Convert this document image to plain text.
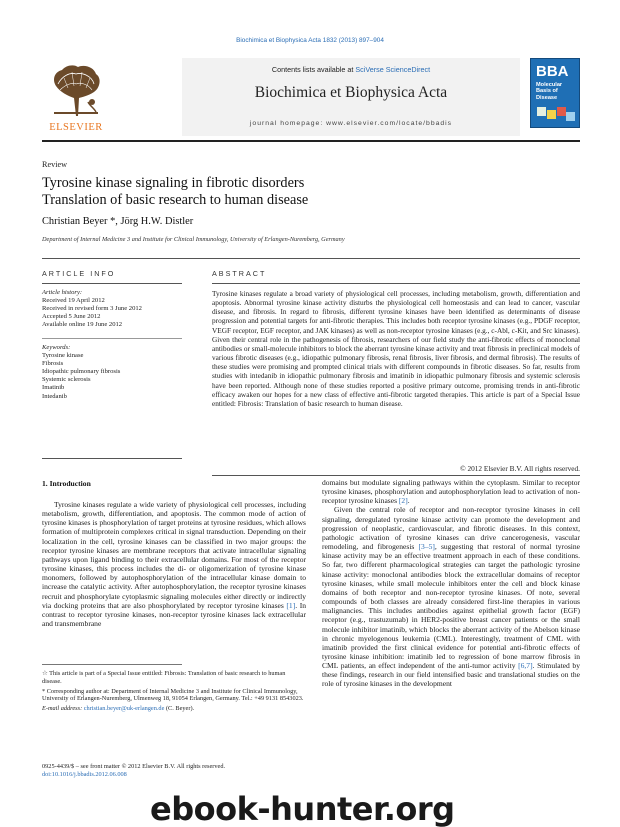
Biochimica et Biophysica Acta 1832 (2013) 897–904
ELSEVIER
Contents lists available at SciVerse ScienceDirect
Biochimica et Biophysica Acta
journal homepage: www.elsevier.com/locate/bbadis
BBA
Molecular
Basis of
Disease
Review
Tyrosine kinase signaling in fibrotic disorders
Translation of basic research to human disease
Christian Beyer *, Jörg H.W. Distler
Department of Internal Medicine 3 and Institute for Clinical Immunology, University of Erlangen-Nuremberg, Germany
ARTICLE INFO	ABSTRACT
Article history:
Received 19 April 2012
Received in revised form 3 June 2012
Accepted 5 June 2012
Available online 19 June 2012
Keywords:
Tyrosine kinase
Fibrosis
Idiopathic pulmonary fibrosis
Systemic sclerosis
Imatinib
Intedanib
Tyrosine kinases regulate a broad variety of physiological cell processes, including metabolism, growth, differentiation and apoptosis. Abnormal tyrosine kinase activity disturbs the physiological cell homeostasis and can lead to cancer, vascular disease, and fibrosis. In regard to fibrosis, different tyrosine kinases have been identified as determinants of disease progression and potential targets for anti-fibrotic therapies. This includes both receptor tyrosine kinases (e.g., PDGF receptor, VEGF receptor, EGF receptor, and JAK kinases) as well as non-receptor tyrosine kinases (e.g., c-Abl, c-Kit, and Src kinases). Given their central role in the pathogenesis of fibrosis, researchers of our field study the anti-fibrotic effects of monoclonal antibodies or small-molecule inhibitors to block the aberrant tyrosine kinase activity and treat fibrosis in preclinical models of various fibrotic diseases (e.g., idiopathic pulmonary fibrosis, renal fibrosis, liver fibrosis, and dermal fibrosis). The results of these studies were promising and prompted clinical trials with different compounds in fibrotic diseases. So far, results from studies with intedanib in idiopathic pulmonary fibrosis and imatinib in idiopathic pulmonary fibrosis and systemic sclerosis have been reported. Although none of these studies reported a positive primary outcome, promising trends in anti-fibrotic efficacy awaken our hopes for a new class of effective anti-fibrotic targeted therapies. This article is part of a Special Issue entitled: Fibrosis: Translation of basic research to human disease.
© 2012 Elsevier B.V. All rights reserved.
1. Introduction

Tyrosine kinases regulate a wide variety of physiological cell processes, including metabolism, growth, differentiation, and apoptosis. The common mode of action of tyrosine kinases is phosphorylation of target proteins at tyrosine residues, which allows formation of multiprotein complexes critical in signal transduction. Depending on their localization in the cell, tyrosine kinases can be classified in two major groups: the receptor tyrosine kinases are membrane receptors that activate intracellular signaling pathways upon ligand binding to their extracellular domains. For most of the receptor tyrosine kinases, this process includes the di- or oligomerization of tyrosine kinase monomers, followed by autophosphorylation of the intracellular kinase domain to increase the catalytic activity. After autophosphorylation, the receptor tyrosine kinases recruit and phosphorylate cytoplasmic signaling molecules either directly or indirectly via docking proteins that are also phosphorylated by receptor tyrosine kinases [1]. In contrast to receptor tyrosine kinases, non-receptor tyrosine kinases lack extracellular and transmembrane

domains but modulate signaling pathways within the cytoplasm. Similar to receptor tyrosine kinases, phosphorylation and autophosphorylation lead to activation of non-receptor tyrosine kinases [2].

Given the central role of receptor and non-receptor tyrosine kinases in cell signaling, deregulated tyrosine kinase activity can promote the development and progression of neoplastic, cardiovascular, and fibrotic diseases. In this context, pathologic activation of tyrosine kinases can drive cancerogenesis, vascular remodeling, and fibrogenesis [3–5], suggesting that restoral of normal tyrosine kinase activity may be an effective treatment approach in each of these conditions. So far, two different pharmacological strategies can target the pathologic tyrosine kinase activity: monoclonal antibodies block the extracellular domains of receptor tyrosine kinases, while small molecule inhibitors enter the cell and block kinase domains of both receptor and non-receptor tyrosine kinases. Of note, several compounds of both classes are already considered first-line therapies in various malignancies. This includes antibodies against epithelial growth factor (EGF) receptor (e.g., trastuzumab) in HER2-positive breast cancer patients or the small molecule inhibitor imatinib, which blocks the aberrant activity of the Abelson kinase in chronic myelogenous leukemia (CML). Interestingly, treatment of CML with imatinib provided the first clinical evidence for potential anti-fibrotic effects of tyrosine kinase inhibition: imatinib led to regression of bone marrow fibrosis in CML patients, an effect independent of the anti-tumor activity [6,7]. Stimulated by these findings, research in our field intensified basic and translational studies on the role of tyrosine kinases in the development

☆ This article is part of a Special Issue entitled: Fibrosis: Translation of basic research to human disease.

* Corresponding author at: Department of Internal Medicine 3 and Institute for Clinical Immunology, University of Erlangen-Nuremberg, Ulmenweg 18, 91054 Erlangen, Germany. Tel.: +49 9131 8543023.

E-mail address: christian.beyer@uk-erlangen.de (C. Beyer).

0925-4439/$ – see front matter © 2012 Elsevier B.V. All rights reserved.
doi:10.1016/j.bbadis.2012.06.008
ebook-hunter.org
